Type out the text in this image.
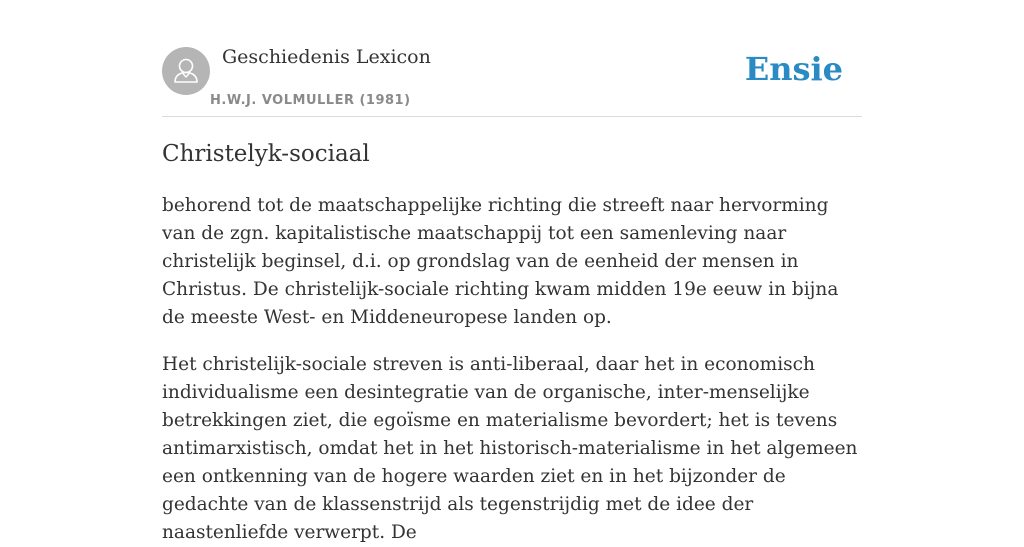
Geschiedenis Lexicon
H.W.J. VOLMULLER (1981)
Ensie
Christelyk-sociaal

behorend tot de maatschappelijke richting die streeft naar hervorming van de zgn. kapitalistische maatschappij tot een samenleving naar christelijk beginsel, d.i. op grondslag van de eenheid der mensen in Christus. De christelijk-sociale richting kwam midden 19e eeuw in bijna de meeste West- en Middeneuropese landen op.

Het christelijk-sociale streven is anti-liberaal, daar het in economisch individualisme een desintegratie van de organische, inter-menselijke betrekkingen ziet, die egoïsme en materialisme bevordert; het is tevens antimarxistisch, omdat het in het historisch-materialisme in het algemeen een ontkenning van de hogere waarden ziet en in het bijzonder de gedachte van de klassenstrijd als tegenstrijdig met de idee der naastenliefde verwerpt. De
